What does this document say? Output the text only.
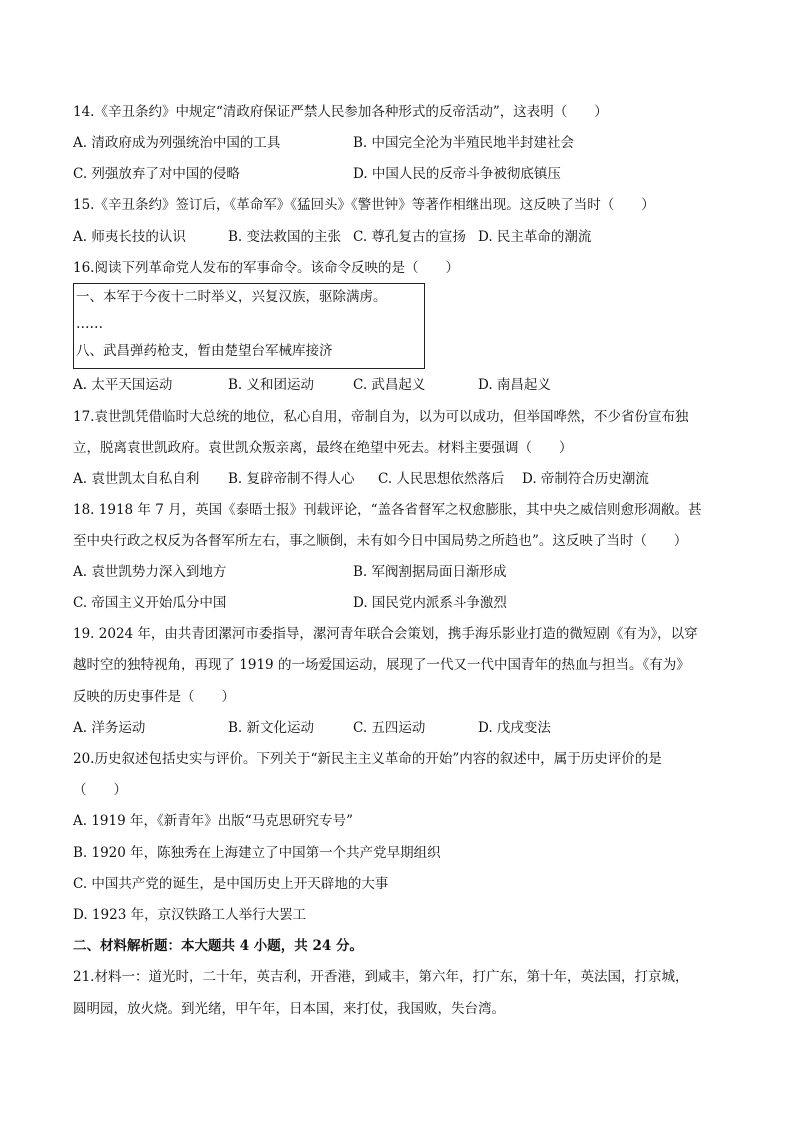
14.《辛丑条约》中规定“清政府保证严禁人民参加各种形式的反帝活动”，这表明（　　）
A. 清政府成为列强统治中国的工具	B. 中国完全沦为半殖民地半封建社会
C. 列强放弃了对中国的侵略	D. 中国人民的反帝斗争被彻底镇压
15.《辛丑条约》签订后，《革命军》《猛回头》《警世钟》等著作相继出现。这反映了当时（　　）
A. 师夷长技的认识	B. 变法救国的主张 C. 尊孔复古的宣扬 D. 民主革命的潮流
16.阅读下列革命党人发布的军事命令。该命令反映的是（　　）
一、本军于今夜十二时举义，兴复汉族，驱除满虏。
……
八、武昌弹药枪支，暂由楚望台军械库接济
A. 太平天国运动	B. 义和团运动	C. 武昌起义	D. 南昌起义
17.袁世凯凭借临时大总统的地位，私心自用，帝制自为，以为可以成功，但举国哗然，不少省份宣布独
立，脱离袁世凯政府。袁世凯众叛亲离，最终在绝望中死去。材料主要强调（　　）
A. 袁世凯太自私自利 B. 复辟帝制不得人心 C. 人民思想依然落后 D. 帝制符合历史潮流
18. 1918 年 7 月，英国《泰晤士报》刊载评论，“盖各省督军之权愈膨胀，其中央之威信则愈形凋敝。甚
至中央行政之权反为各督军所左右，事之顺倒，未有如今日中国局势之所趋也”。这反映了当时（　　）
A. 袁世凯势力深入到地方	B. 军阀割据局面日渐形成
C. 帝国主义开始瓜分中国	D. 国民党内派系斗争激烈
19. 2024 年，由共青团漯河市委指导，漯河青年联合会策划，携手海乐影业打造的微短剧《有为》，以穿
越时空的独特视角，再现了 1919 的一场爱国运动，展现了一代又一代中国青年的热血与担当。《有为》
反映的历史事件是（　　）
A. 洋务运动	B. 新文化运动	C. 五四运动	D. 戊戌变法
20.历史叙述包括史实与评价。下列关于“新民主主义革命的开始”内容的叙述中，属于历史评价的是
（　　）
A. 1919 年，《新青年》出版“马克思研究专号”
B. 1920 年，陈独秀在上海建立了中国第一个共产党早期组织
C. 中国共产党的诞生，是中国历史上开天辟地的大事
D. 1923 年，京汉铁路工人举行大罢工
二、材料解析题：本大题共 4 小题，共 24 分。
21.材料一：道光时，二十年，英吉利，开香港，到咸丰，第六年，打广东，第十年，英法国，打京城，
圆明园，放火烧。到光绪，甲午年，日本国，来打仗，我国败，失台湾。
